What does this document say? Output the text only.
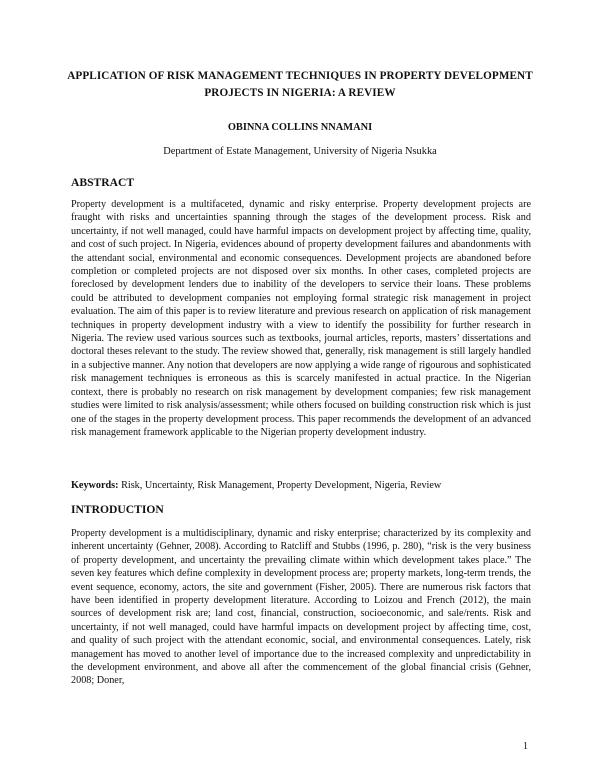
APPLICATION OF RISK MANAGEMENT TECHNIQUES IN PROPERTY DEVELOPMENT PROJECTS IN NIGERIA: A REVIEW
OBINNA COLLINS NNAMANI
Department of Estate Management, University of Nigeria Nsukka
ABSTRACT

Property development is a multifaceted, dynamic and risky enterprise. Property development projects are fraught with risks and uncertainties spanning through the stages of the development process. Risk and uncertainty, if not well managed, could have harmful impacts on development project by affecting time, quality, and cost of such project. In Nigeria, evidences abound of property development failures and abandonments with the attendant social, environmental and economic consequences. Development projects are abandoned before completion or completed projects are not disposed over six months. In other cases, completed projects are foreclosed by development lenders due to inability of the developers to service their loans. These problems could be attributed to development companies not employing formal strategic risk management in project evaluation. The aim of this paper is to review literature and previous research on application of risk management techniques in property development industry with a view to identify the possibility for further research in Nigeria. The review used various sources such as textbooks, journal articles, reports, masters’ dissertations and doctoral theses relevant to the study. The review showed that, generally, risk management is still largely handled in a subjective manner. Any notion that developers are now applying a wide range of rigourous and sophisticated risk management techniques is erroneous as this is scarcely manifested in actual practice. In the Nigerian context, there is probably no research on risk management by development companies; few risk management studies were limited to risk analysis/assessment; while others focused on building construction risk which is just one of the stages in the property development process. This paper recommends the development of an advanced risk management framework applicable to the Nigerian property development industry.

Keywords: Risk, Uncertainty, Risk Management, Property Development, Nigeria, Review
INTRODUCTION

Property development is a multidisciplinary, dynamic and risky enterprise; characterized by its complexity and inherent uncertainty (Gehner, 2008). According to Ratcliff and Stubbs (1996, p. 280), “risk is the very business of property development, and uncertainty the prevailing climate within which development takes place.” The seven key features which define complexity in development process are; property markets, long-term trends, the event sequence, economy, actors, the site and government (Fisher, 2005). There are numerous risk factors that have been identified in property development literature. According to Loizou and French (2012), the main sources of development risk are; land cost, financial, construction, socioeconomic, and sale/rents. Risk and uncertainty, if not well managed, could have harmful impacts on development project by affecting time, cost, and quality of such project with the attendant economic, social, and environmental consequences. Lately, risk management has moved to another level of importance due to the increased complexity and unpredictability in the development environment, and above all after the commencement of the global financial crisis (Gehner, 2008; Doner,

1
